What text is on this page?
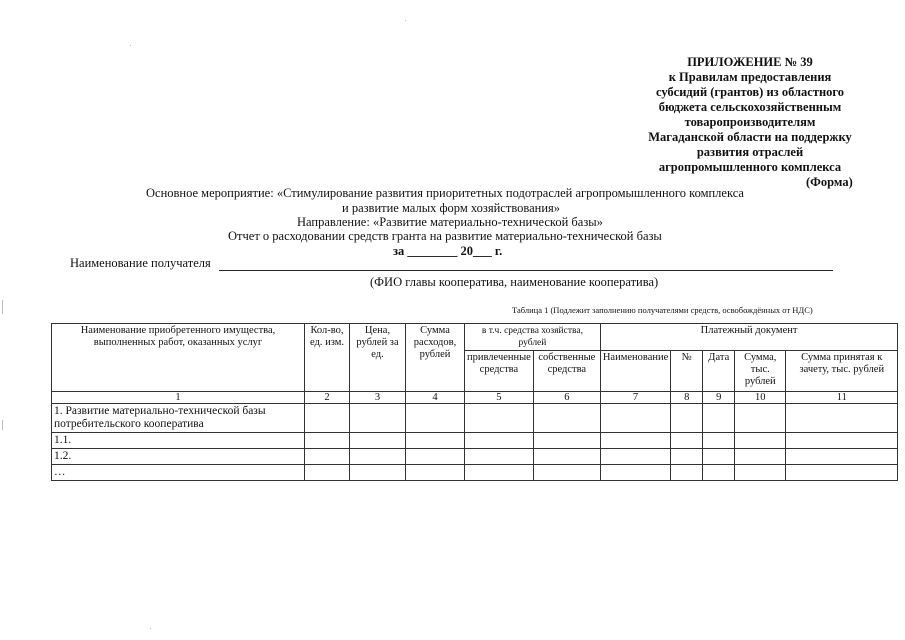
ПРИЛОЖЕНИЕ № 39
к Правилам предоставления
субсидий (грантов) из областного
бюджета сельскохозяйственным
товаропроизводителям
Магаданской области на поддержку
развития отраслей
агропромышленного комплекса
(Форма)
Основное мероприятие: «Стимулирование развития приоритетных подотраслей агропромышленного комплекса
и развитие малых форм хозяйствования»
Направление: «Развитие материально-технической базы»
Отчет о расходовании средств гранта на развитие материально-технической базы
за ________ 20___ г.
Наименование получателя
(ФИО главы кооператива, наименование кооператива)
Таблица 1 (Подлежит заполнению получателями средств, освобождённых от НДС)
Наименование приобретенного имущества, выполненных работ, оказанных услуг	Кол-во, ед. изм.	Цена, рублей за ед.	Сумма расходов, рублей	в т.ч. средства хозяйства, рублей		Платежный документ				
				привлеченные средства	собственные средства	Наименование	№	Дата	Сумма, тыс. рублей	Сумма принятая к зачету, тыс. рублей
1	2	3	4	5	6	7	8	9	10	11
1. Развитие материально-технической базы потребительского кооператива										
1.1.										
1.2.										
…										
